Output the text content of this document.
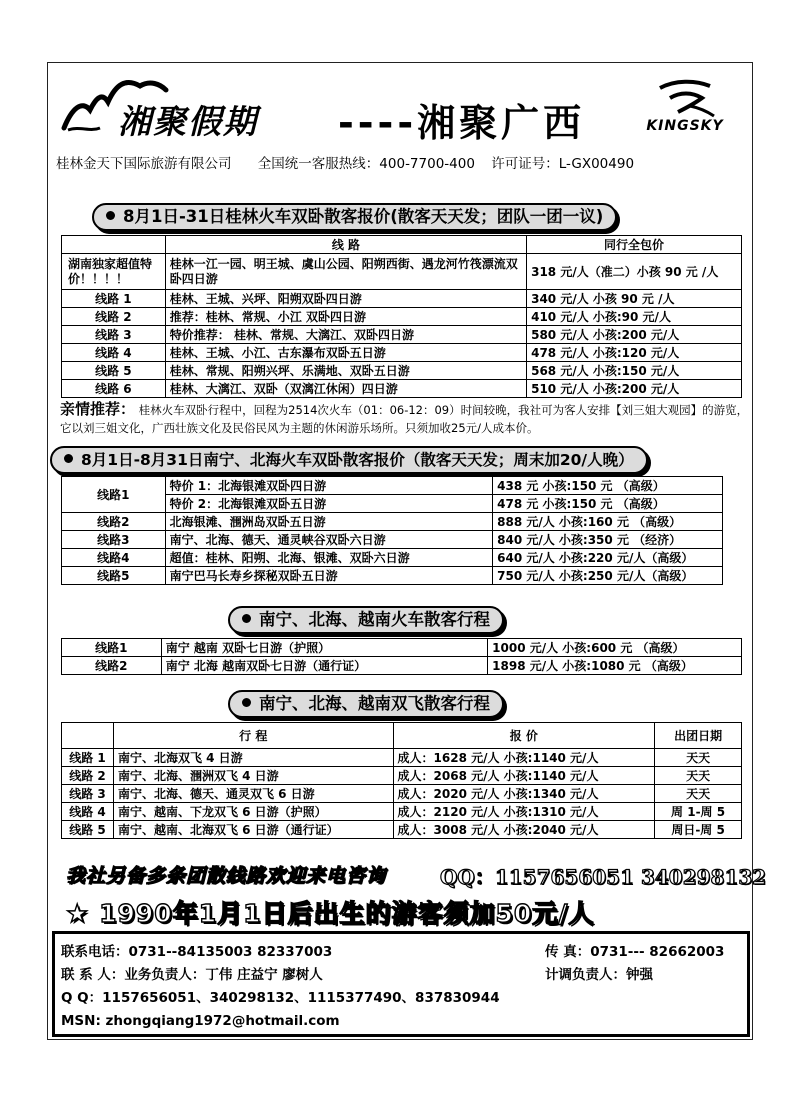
湘聚假期 ----湘聚广西	KINGSKY
桂林金天下国际旅游有限公司 全国统一客服热线：400-7700-400 许可证号：L-GX00490
8月1日-31日桂林火车双卧散客报价(散客天天发；团队一团一议)
	线 路	同行全包价
湖南独家超值特 价！！！！	桂林一江一园、明王城、虞山公园、阳朔西街、遇龙河竹筏漂流双卧四日游	318 元/人（准二）小孩 90 元 /人
线路 1	桂林、王城、兴坪、阳朔双卧四日游	340 元/人 小孩 90 元 /人
线路 2	推荐：桂林、常规、小江 双卧四日游	410 元/人 小孩:90 元/人
线路 3	特价推荐： 桂林、常规、大漓江、双卧四日游	580 元/人 小孩:200 元/人
线路 4	桂林、王城、小江、古东瀑布双卧五日游	478 元/人 小孩:120 元/人
线路 5	桂林、常规、阳朔兴坪、乐满地、双卧五日游	568 元/人 小孩:150 元/人
线路 6	桂林、大漓江、双卧（双漓江休闲）四日游	510 元/人 小孩:200 元/人
亲情推荐： 桂林火车双卧行程中，回程为2514次火车（01：06-12：09）时间较晚，我社可为客人安排【刘三姐大观园】的游览，它以刘三姐文化，广西壮族文化及民俗民风为主题的休闲游乐场所。只须加收25元/人成本价。
8月1日-8月31日南宁、北海火车双卧散客报价（散客天天发；周末加20/人晚）
线路1	特价 1：北海银滩双卧四日游	438 元 小孩:150 元 （高级）
	特价 2：北海银滩双卧五日游	478 元 小孩:150 元 （高级）
线路2	北海银滩、涠洲岛双卧五日游	888 元/人 小孩:160 元 （高级）
线路3	南宁、北海、德天、通灵峡谷双卧六日游	840 元/人 小孩:350 元 （经济）
线路4	超值：桂林、阳朔、北海、银滩、双卧六日游	640 元/人 小孩:220 元/人（高级）
线路5	南宁巴马长寿乡探秘双卧五日游	750 元/人 小孩:250 元/人（高级）
南宁、北海、越南火车散客行程
线路1	南宁 越南 双卧七日游（护照）	1000 元/人 小孩:600 元 （高级）
线路2	南宁 北海 越南双卧七日游（通行证）	1898 元/人 小孩:1080 元 （高级）
南宁、北海、越南双飞散客行程
	行 程	报 价	出团日期
线路 1	南宁、北海双飞 4 日游	成人：1628 元/人 小孩:1140 元/人	天天
线路 2	南宁、北海、涠洲双飞 4 日游	成人：2068 元/人 小孩:1140 元/人	天天
线路 3	南宁、北海、德天、通灵双飞 6 日游	成人：2020 元/人 小孩:1340 元/人	天天
线路 4	南宁、越南、下龙双飞 6 日游（护照）	成人：2120 元/人 小孩:1310 元/人	周 1-周 5
线路 5	南宁、越南、北海双飞 6 日游（通行证）	成人：3008 元/人 小孩:2040 元/人	周日-周 5
我社另备多条团散线路欢迎来电咨询	QQ：1157656051 340298132
★ 1990年1月1日后出生的游客须加50元/人
联系电话：0731--84135003 82337003	传 真：0731--- 82662003
联 系 人：业务负责人：丁伟 庄益宁 廖树人	计调负责人：钟强
Q Q：1157656051、340298132、1115377490、837830944
MSN: zhongqiang1972@hotmail.com
